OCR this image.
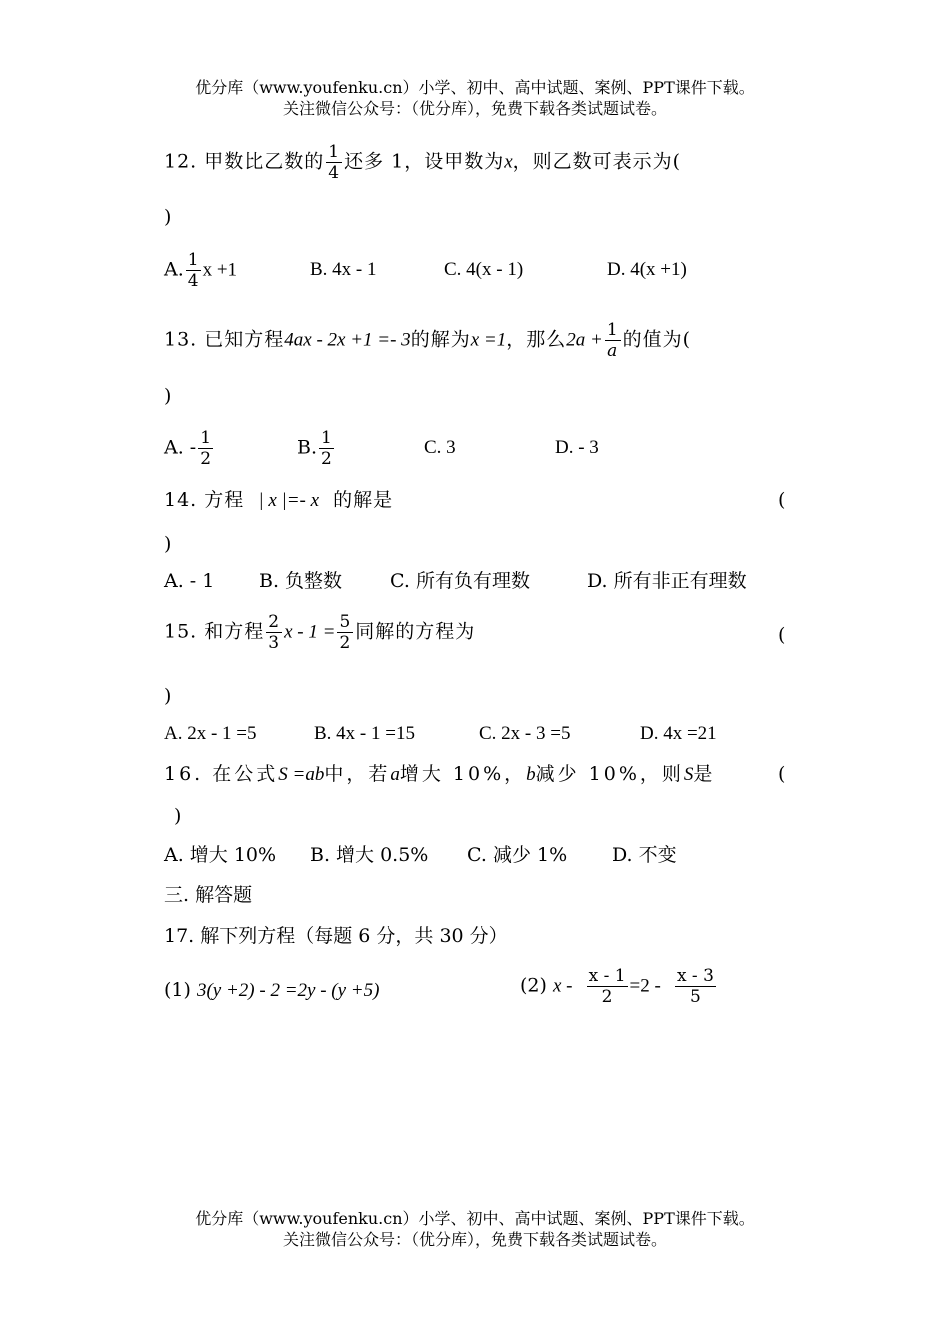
优分库（www.youfenku.cn）小学、初中、高中试题、案例、PPT课件下载。
关注微信公众号：（优分库），免费下载各类试题试卷。
12. 甲数比乙数的 $\frac{1}{4}$ 还多 1，设甲数为x，则乙数可表示为(
)
A. $\frac{1}{4}$ x +1	B. 4x - 1	C. 4(x - 1)	D. 4(x +1)
13. 已知方程4ax - 2x +1 =- 3的解为x =1，那么$2a + \frac{1}{a}$ 的值为(
)
A. - $\frac{1}{2}$	B. $\frac{1}{2}$	C. 3	D. - 3
14. 方程 | x |=- x 的解是	(
)
A. - 1 B. 负整数	C. 所有负有理数	D. 所有非正有理数
15. 和方程 $\frac{2}{3}$ $x - 1 = \frac{5}{2}$ 同解的方程为	(
)
A. 2x - 1 =5	B. 4x - 1 =15	C. 2x - 3 =5	D. 4x =21
16. 在公式S =ab中，若a增大 10%，b减少 10%，则S是	(
)
A. 增大 10% B. 增大 0.5% C. 减少 1% D. 不变
三. 解答题
17. 解下列方程（每题 6 分，共 30 分）
(1) 3(y +2) - 2 =2y - (y +5)	(2) $x - \frac{x - 1}{2} =2 - \frac{x - 3}{5}$
优分库（www.youfenku.cn）小学、初中、高中试题、案例、PPT课件下载。
关注微信公众号：（优分库），免费下载各类试题试卷。
